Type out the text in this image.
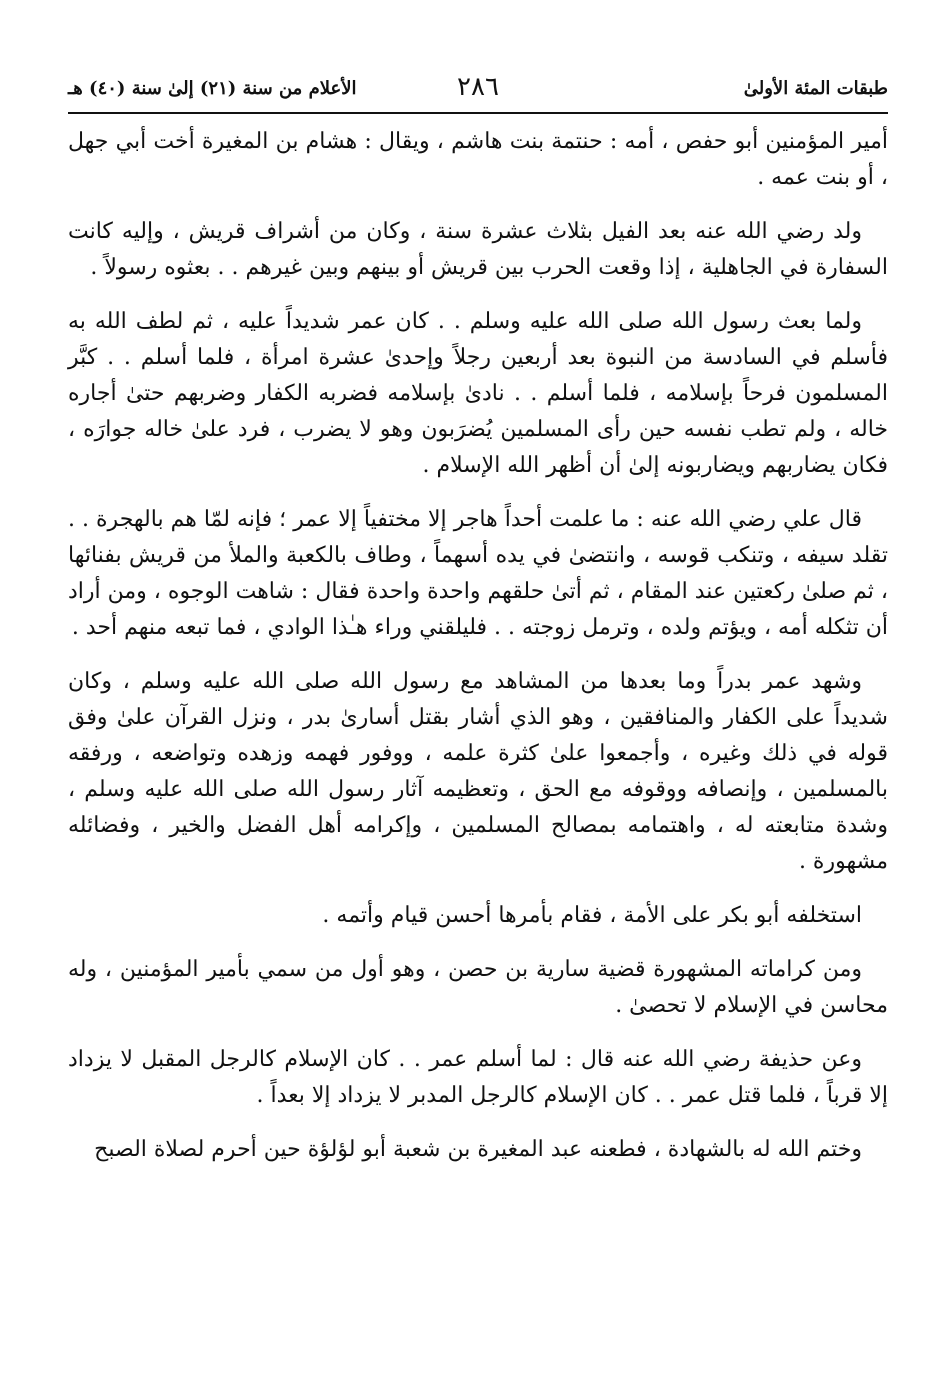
طبقات المئة الأولىٰ
٢٨٦
الأعلام من سنة (٢١) إلىٰ سنة (٤٠) هـ

أمير المؤمنين أبو حفص ، أمه : حنتمة بنت هاشم ، ويقال : هشام بن المغيرة أخت أبي جهل ، أو بنت عمه .

ولد رضي الله عنه بعد الفيل بثلاث عشرة سنة ، وكان من أشراف قريش ، وإليه كانت السفارة في الجاهلية ، إذا وقعت الحرب بين قريش أو بينهم وبين غيرهم . . بعثوه رسولاً .

ولما بعث رسول الله صلى الله عليه وسلم . . كان عمر شديداً عليه ، ثم لطف الله به فأسلم في السادسة من النبوة بعد أربعين رجلاً وإحدىٰ عشرة امرأة ، فلما أسلم . . كبَّر المسلمون فرحاً بإسلامه ، فلما أسلم . . نادىٰ بإسلامه فضربه الكفار وضربهم حتىٰ أجاره خاله ، ولم تطب نفسه حين رأى المسلمين يُضرَبون وهو لا يضرب ، فرد علىٰ خاله جوارَه ، فكان يضاربهم ويضاربونه إلىٰ أن أظهر الله الإسلام .

قال علي رضي الله عنه : ما علمت أحداً هاجر إلا مختفياً إلا عمر ؛ فإنه لمّا هم بالهجرة . . تقلد سيفه ، وتنكب قوسه ، وانتضىٰ في يده أسهماً ، وطاف بالكعبة والملأ من قريش بفنائها ، ثم صلىٰ ركعتين عند المقام ، ثم أتىٰ حلقهم واحدة واحدة فقال : شاهت الوجوه ، ومن أراد أن تثكله أمه ، ويؤتم ولده ، وترمل زوجته . . فليلقني وراء هـٰذا الوادي ، فما تبعه منهم أحد .

وشهد عمر بدراً وما بعدها من المشاهد مع رسول الله صلى الله عليه وسلم ، وكان شديداً على الكفار والمنافقين ، وهو الذي أشار بقتل أسارىٰ بدر ، ونزل القرآن علىٰ وفق قوله في ذلك وغيره ، وأجمعوا علىٰ كثرة علمه ، ووفور فهمه وزهده وتواضعه ، ورفقه بالمسلمين ، وإنصافه ووقوفه مع الحق ، وتعظيمه آثار رسول الله صلى الله عليه وسلم ، وشدة متابعته له ، واهتمامه بمصالح المسلمين ، وإكرامه أهل الفضل والخير ، وفضائله مشهورة .

استخلفه أبو بكر على الأمة ، فقام بأمرها أحسن قيام وأتمه .

ومن كراماته المشهورة قضية سارية بن حصن ، وهو أول من سمي بأمير المؤمنين ، وله محاسن في الإسلام لا تحصىٰ .

وعن حذيفة رضي الله عنه قال : لما أسلم عمر . . كان الإسلام كالرجل المقبل لا يزداد إلا قرباً ، فلما قتل عمر . . كان الإسلام كالرجل المدبر لا يزداد إلا بعداً .

وختم الله له بالشهادة ، فطعنه عبد المغيرة بن شعبة أبو لؤلؤة حين أحرم لصلاة الصبح
